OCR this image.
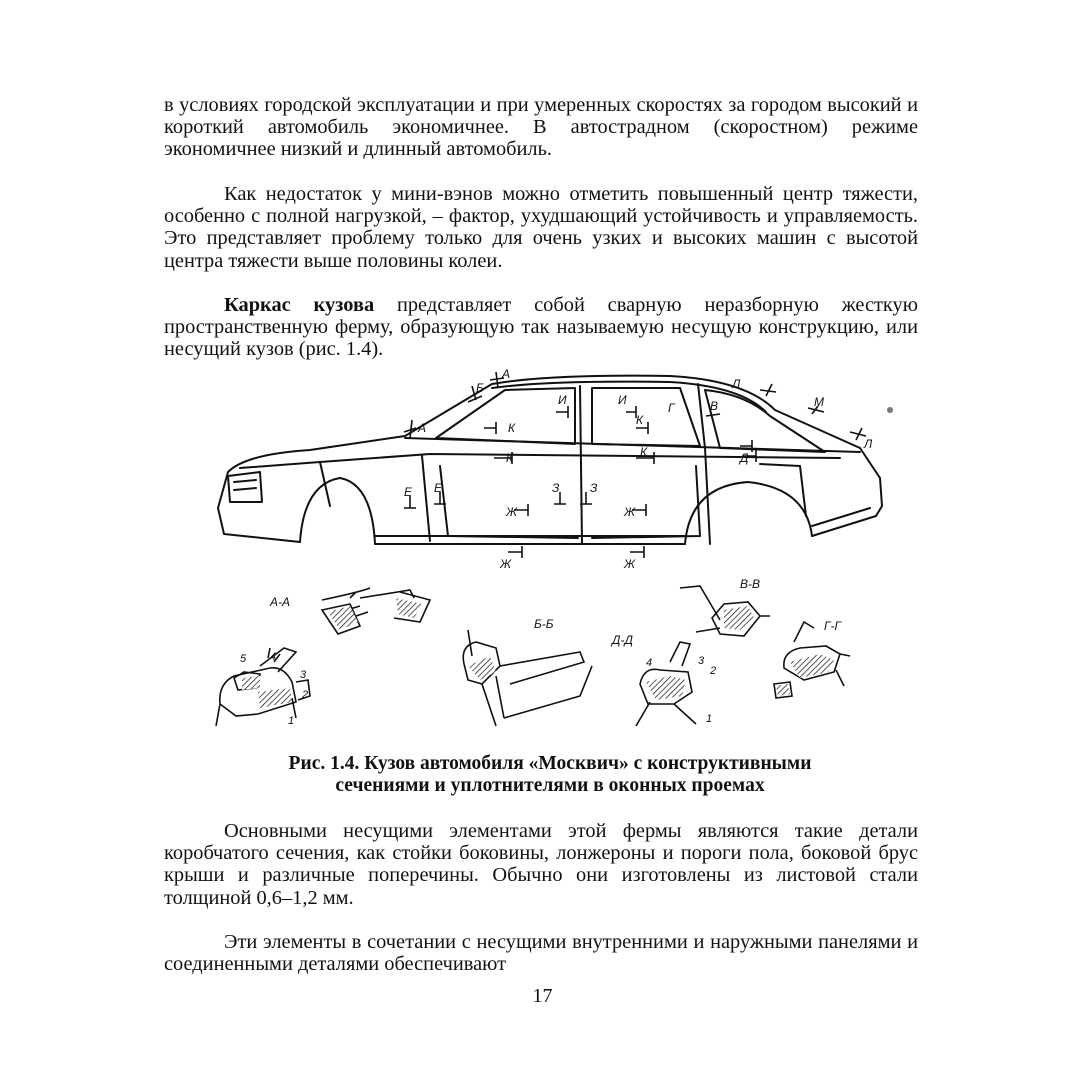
в условиях городской эксплуатации и при умеренных скоростях за городом высокий и короткий автомобиль экономичнее. В автострадном (скоростном) режиме экономичнее низкий и длинный автомобиль.

Как недостаток у мини-вэнов можно отметить повышенный центр тяжести, особенно с полной нагрузкой, – фактор, ухудшающий устойчивость и управляемость. Это представляет проблему только для очень узких и высоких машин с высотой центра тяжести выше половины колеи.

Каркас кузова представляет собой сварную неразборную жесткую пространственную ферму, образующую так называемую несущую конструкцию, или несущий кузов (рис. 1.4).

А
А
Б
В
Г
Д
Е Е
Ж	Ж
Ж	Ж
З	З
И	И
К
К
К	К
Л
Л
М
А-А
5 4
3
2
1
Б-Б
В-В
Д-Д
4	3
2
1
Г-Г

Рис. 1.4. Кузов автомобиля «Москвич» с конструктивными
сечениями и уплотнителями в оконных проемах

Основными несущими элементами этой фермы являются такие детали коробчатого сечения, как стойки боковины, лонжероны и пороги пола, боковой брус крыши и различные поперечины. Обычно они изготовлены из листовой стали толщиной 0,6–1,2 мм.

Эти элементы в сочетании с несущими внутренними и наружными панелями и соединенными деталями обеспечивают

17
